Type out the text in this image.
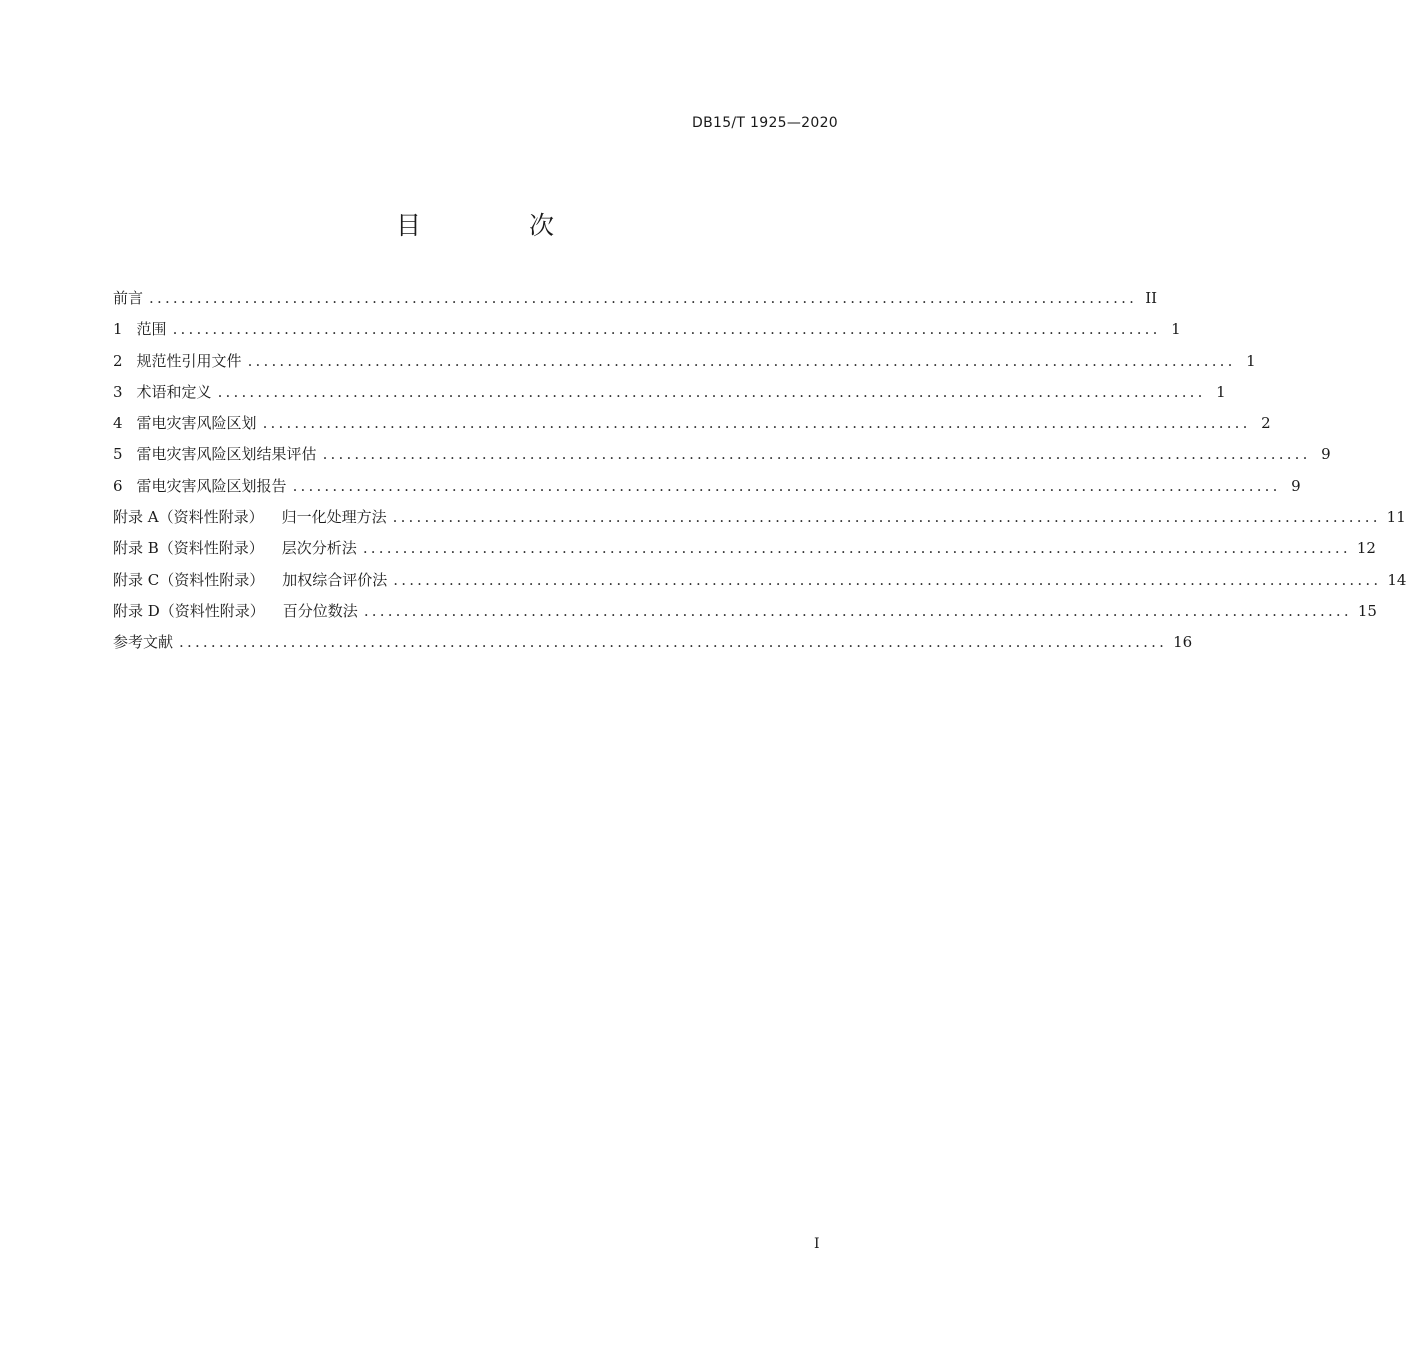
DB15/T 1925—2020
目 次
前言 ............................................................................................................................ II
1 范围 ............................................................................................................................ 1
2 规范性引用文件 ............................................................................................................................ 1
3 术语和定义 ............................................................................................................................ 1
4 雷电灾害风险区划 ............................................................................................................................ 2
5 雷电灾害风险区划结果评估 ............................................................................................................................ 9
6 雷电灾害风险区划报告 ............................................................................................................................ 9
附录 A（资料性附录） 归一化处理方法 ............................................................................................................................ 11
附录 B（资料性附录） 层次分析法 ............................................................................................................................ 12
附录 C（资料性附录） 加权综合评价法 ............................................................................................................................ 14
附录 D（资料性附录） 百分位数法 ............................................................................................................................ 15
参考文献 ............................................................................................................................ 16
I
